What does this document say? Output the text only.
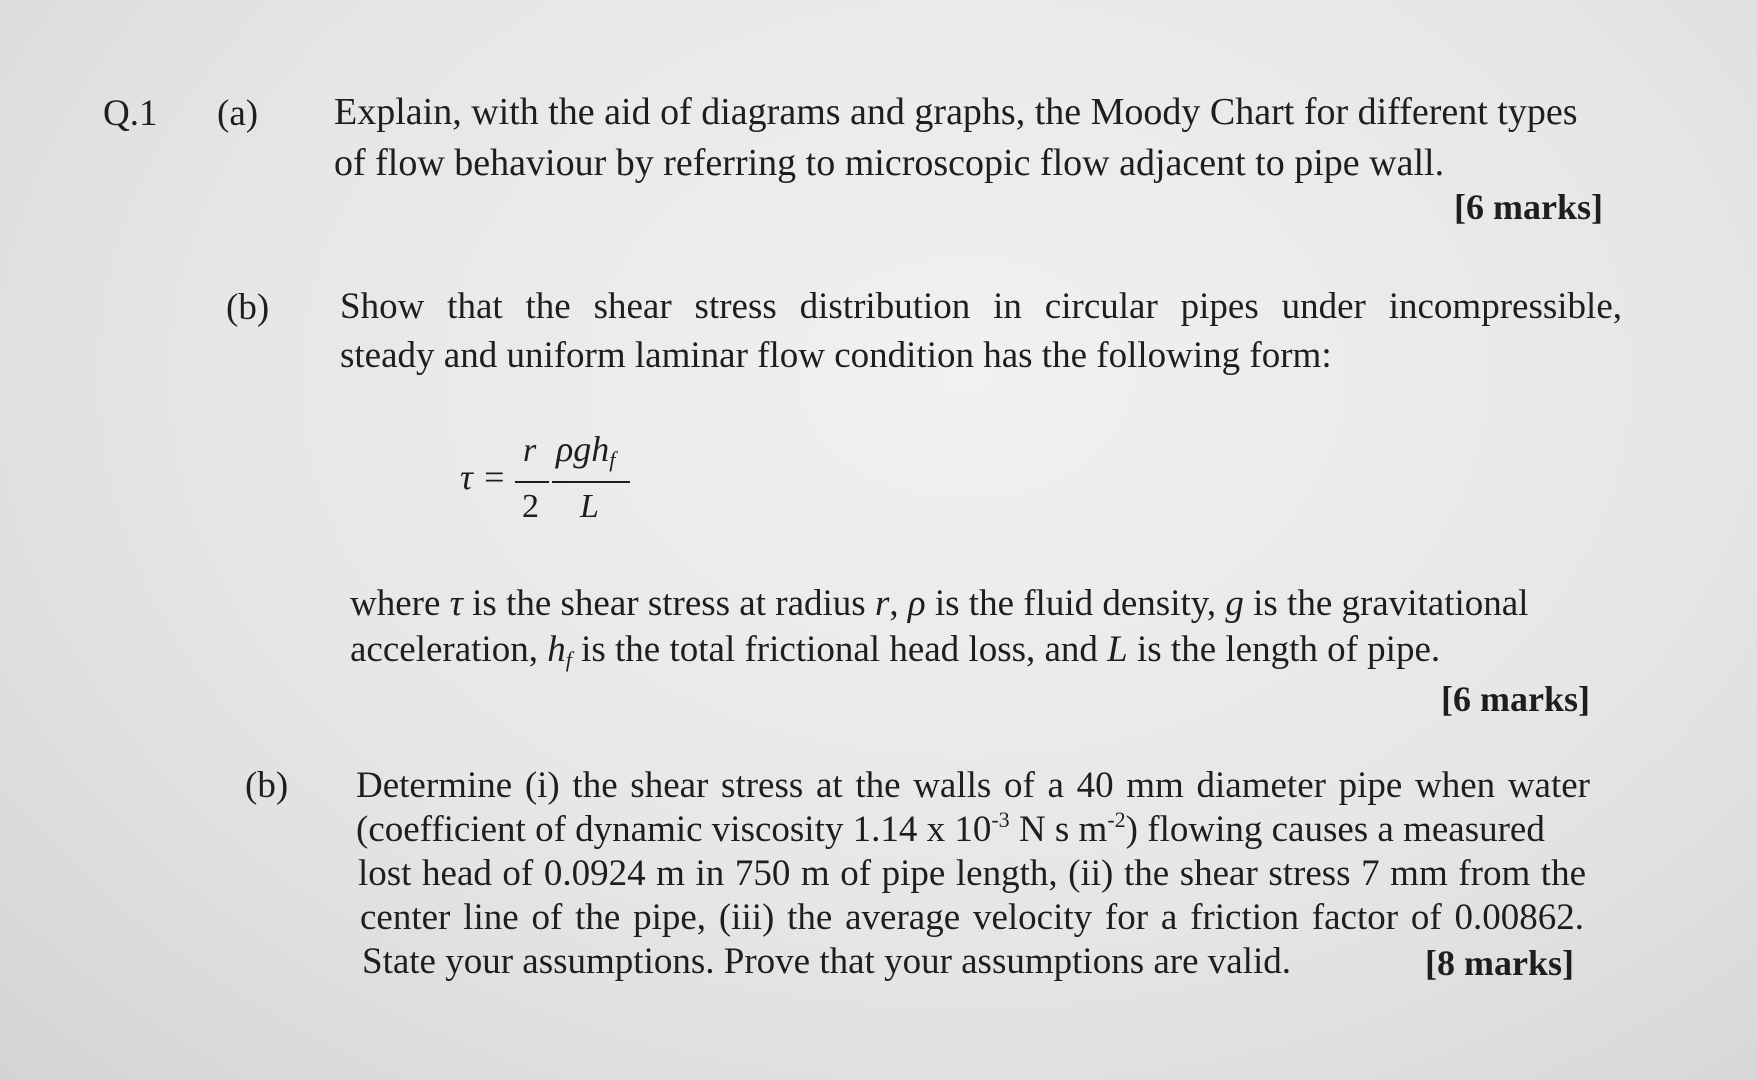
Q.1 (a) Explain, with the aid of diagrams and graphs, the Moody Chart for different types
of flow behaviour by referring to microscopic flow adjacent to pipe wall.
[6 marks]
(b) Show that the shear stress distribution in circular pipes under incompressible,
steady and uniform laminar flow condition has the following form:
τ =
r
2
ρgh$_f$
L
where τ is the shear stress at radius r, ρ is the fluid density, g is the gravitational
acceleration, $h_f$ is the total frictional head loss, and L is the length of pipe.
[6 marks]
(b) Determine (i) the shear stress at the walls of a 40 mm diameter pipe when water
(coefficient of dynamic viscosity 1.14 x $10^{-3}$ N s $m^{-2}$) flowing causes a measured
lost head of 0.0924 m in 750 m of pipe length, (ii) the shear stress 7 mm from the
center line of the pipe, (iii) the average velocity for a friction factor of 0.00862.
State your assumptions. Prove that your assumptions are valid.	[8 marks]
